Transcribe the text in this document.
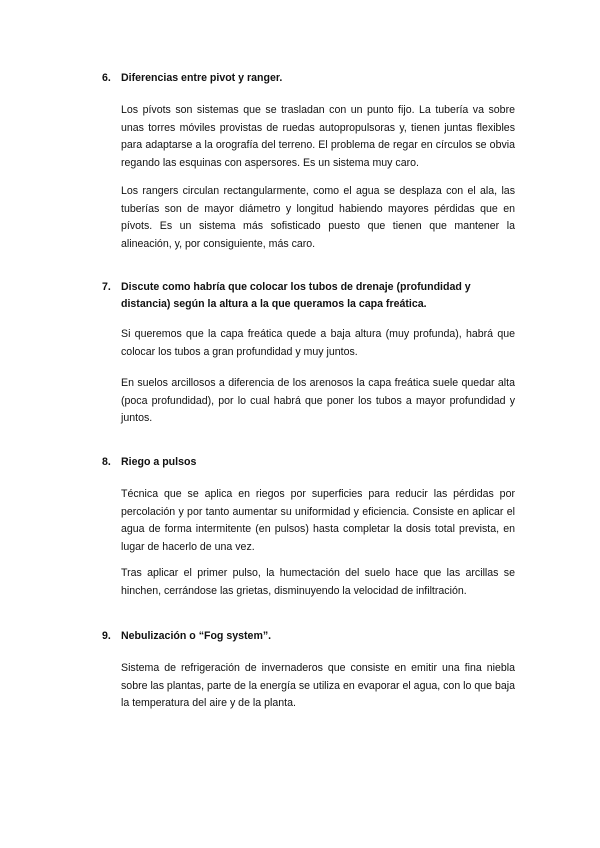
6. Diferencias entre pivot y ranger.

Los pívots son sistemas que se trasladan con un punto fijo. La tubería va sobre unas torres móviles provistas de ruedas autopropulsoras y, tienen juntas flexibles para adaptarse a la orografía del terreno. El problema de regar en círculos se obvia regando las esquinas con aspersores. Es un sistema muy caro.

Los rangers circulan rectangularmente, como el agua se desplaza con el ala, las tuberías son de mayor diámetro y longitud habiendo mayores pérdidas que en pívots. Es un sistema más sofisticado puesto que tienen que mantener la alineación, y, por consiguiente, más caro.

7. Discute como habría que colocar los tubos de drenaje (profundidad y distancia) según la altura a la que queramos la capa freática.

Si queremos que la capa freática quede a baja altura (muy profunda), habrá que colocar los tubos a gran profundidad y muy juntos.

En suelos arcillosos a diferencia de los arenosos la capa freática suele quedar alta (poca profundidad), por lo cual habrá que poner los tubos a mayor profundidad y juntos.

8. Riego a pulsos

Técnica que se aplica en riegos por superficies para reducir las pérdidas por percolación y por tanto aumentar su uniformidad y eficiencia. Consiste en aplicar el agua de forma intermitente (en pulsos) hasta completar la dosis total prevista, en lugar de hacerlo de una vez.

Tras aplicar el primer pulso, la humectación del suelo hace que las arcillas se hinchen, cerrándose las grietas, disminuyendo la velocidad de infiltración.

9. Nebulización o “Fog system”.

Sistema de refrigeración de invernaderos que consiste en emitir una fina niebla sobre las plantas, parte de la energía se utiliza en evaporar el agua, con lo que baja la temperatura del aire y de la planta.
